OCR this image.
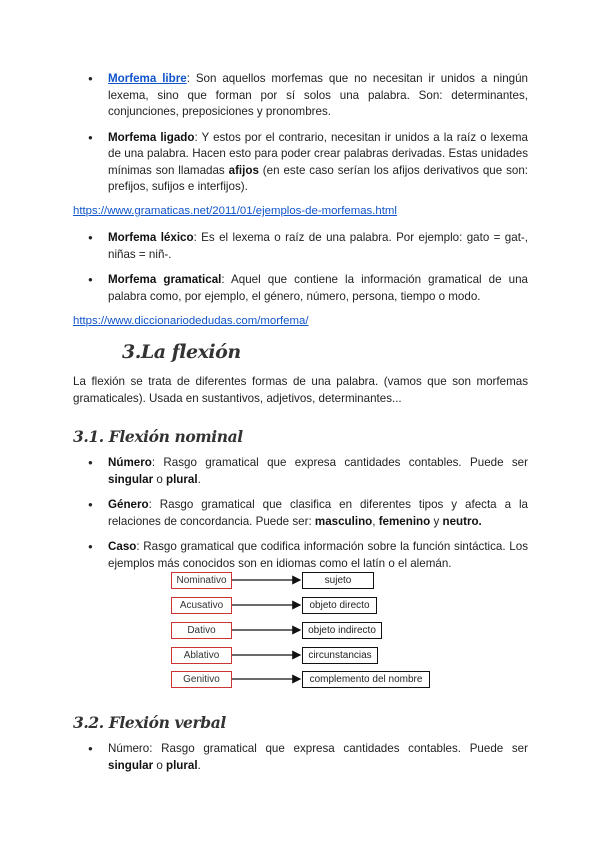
● Morfema libre: Son aquellos morfemas que no necesitan ir unidos a ningún lexema, sino que forman por sí solos una palabra. Son: determinantes, conjunciones, preposiciones y pronombres.
● Morfema ligado: Y estos por el contrario, necesitan ir unidos a la raíz o lexema de una palabra. Hacen esto para poder crear palabras derivadas. Estas unidades mínimas son llamadas afijos (en este caso serían los afijos derivativos que son: prefijos, sufijos e interfijos).
https://www.gramaticas.net/2011/01/ejemplos-de-morfemas.html
● Morfema léxico: Es el lexema o raíz de una palabra. Por ejemplo: gato = gat-, niñas = niñ-.
● Morfema gramatical: Aquel que contiene la información gramatical de una palabra como, por ejemplo, el género, número, persona, tiempo o modo.
https://www.diccionariodedudas.com/morfema/
3.La flexión
La flexión se trata de diferentes formas de una palabra. (vamos que son morfemas gramaticales). Usada en sustantivos, adjetivos, determinantes...
3.1. Flexión nominal
● Número: Rasgo gramatical que expresa cantidades contables. Puede ser singular o plural.
● Género: Rasgo gramatical que clasifica en diferentes tipos y afecta a la relaciones de concordancia. Puede ser: masculino, femenino y neutro.
● Caso: Rasgo gramatical que codifica información sobre la función sintáctica. Los ejemplos más conocidos son en idiomas como el latín o el alemán.
Nominativo	sujeto
Acusativo	objeto directo
Dativo	objeto indirecto
Ablativo	circunstancias
Genitivo	complemento del nombre
3.2. Flexión verbal
● Número: Rasgo gramatical que expresa cantidades contables. Puede ser singular o plural.
